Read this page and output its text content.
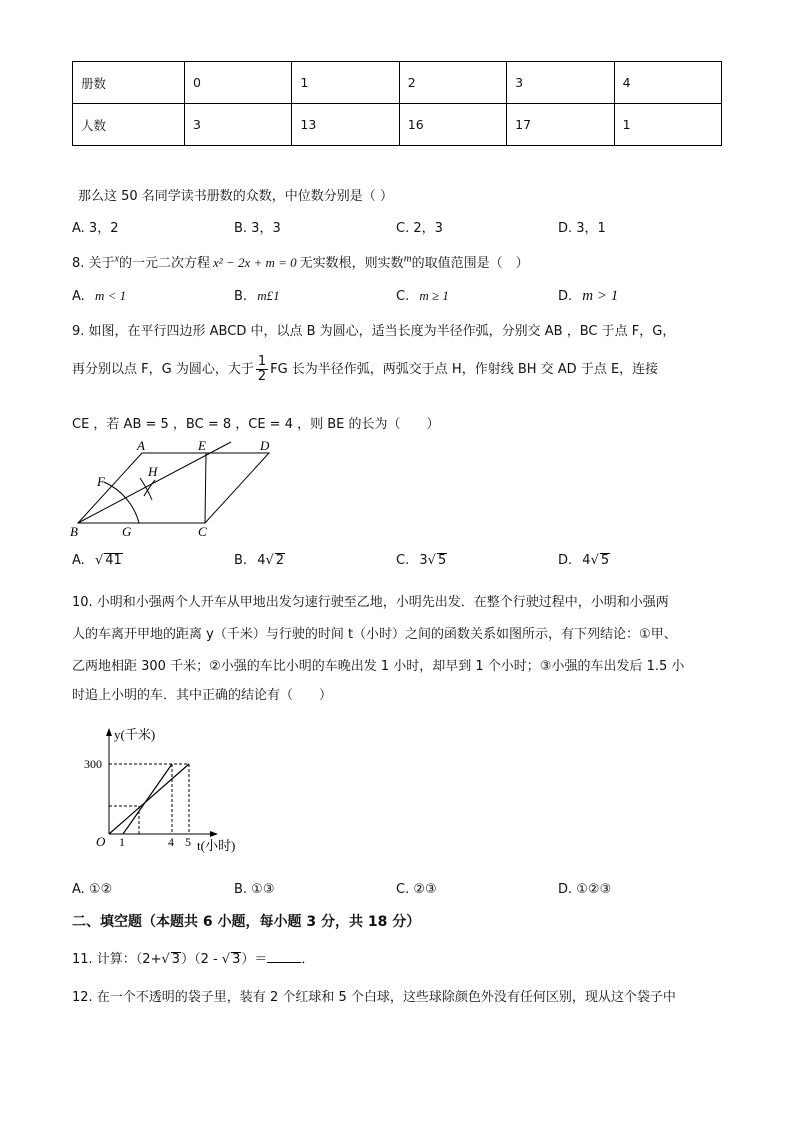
册数	0	1	2	3	4
人数	3	13	16	17	1
那么这 50 名同学读书册数的众数，中位数分别是（ ）
A. 3，2	B. 3，3	C. 2，3	D. 3，1
8. 关于$^x$的一元二次方程 x² − 2x + m = 0 无实数根，则实数$^m$的取值范围是（　）
A. m < 1	B. m£1	C. m ≥ 1	D. m > 1
9. 如图，在平行四边形 ABCD 中，以点 B 为圆心，适当长度为半径作弧，分别交 AB ，BC 于点 F，G，
再分别以点 F，G 为圆心，大于 $\frac{1}{2}$ FG 长为半径作弧，两弧交于点 H，作射线 BH 交 AD 于点 E，连接
CE ，若 AB = 5 ，BC = 8 ，CE = 4 ，则 BE 的长为（　　）
A	E	D
F
H
B	G	C
A. √ 41	B. 4√ 2	C. 3√ 5	D. 4√ 5
10. 小明和小强两个人开车从甲地出发匀速行驶至乙地，小明先出发．在整个行驶过程中，小明和小强两
人的车离开甲地的距离 y（千米）与行驶的时间 t（小时）之间的函数关系如图所示，有下列结论：①甲、
乙两地相距 300 千米；②小强的车比小明的车晚出发 1 小时，却早到 1 个小时；③小强的车出发后 1.5 小
时追上小明的车．其中正确的结论有（　　）
y(千米)
300
O 1	4 5 t(小时)
A. ①②	B. ①③	C. ②③	D. ①②③
二、填空题（本题共 6 小题，每小题 3 分，共 18 分）
11. 计算：（2+√ 3）（2 - √ 3）＝	．
12. 在一个不透明的袋子里，装有 2 个红球和 5 个白球，这些球除颜色外没有任何区别，现从这个袋子中
